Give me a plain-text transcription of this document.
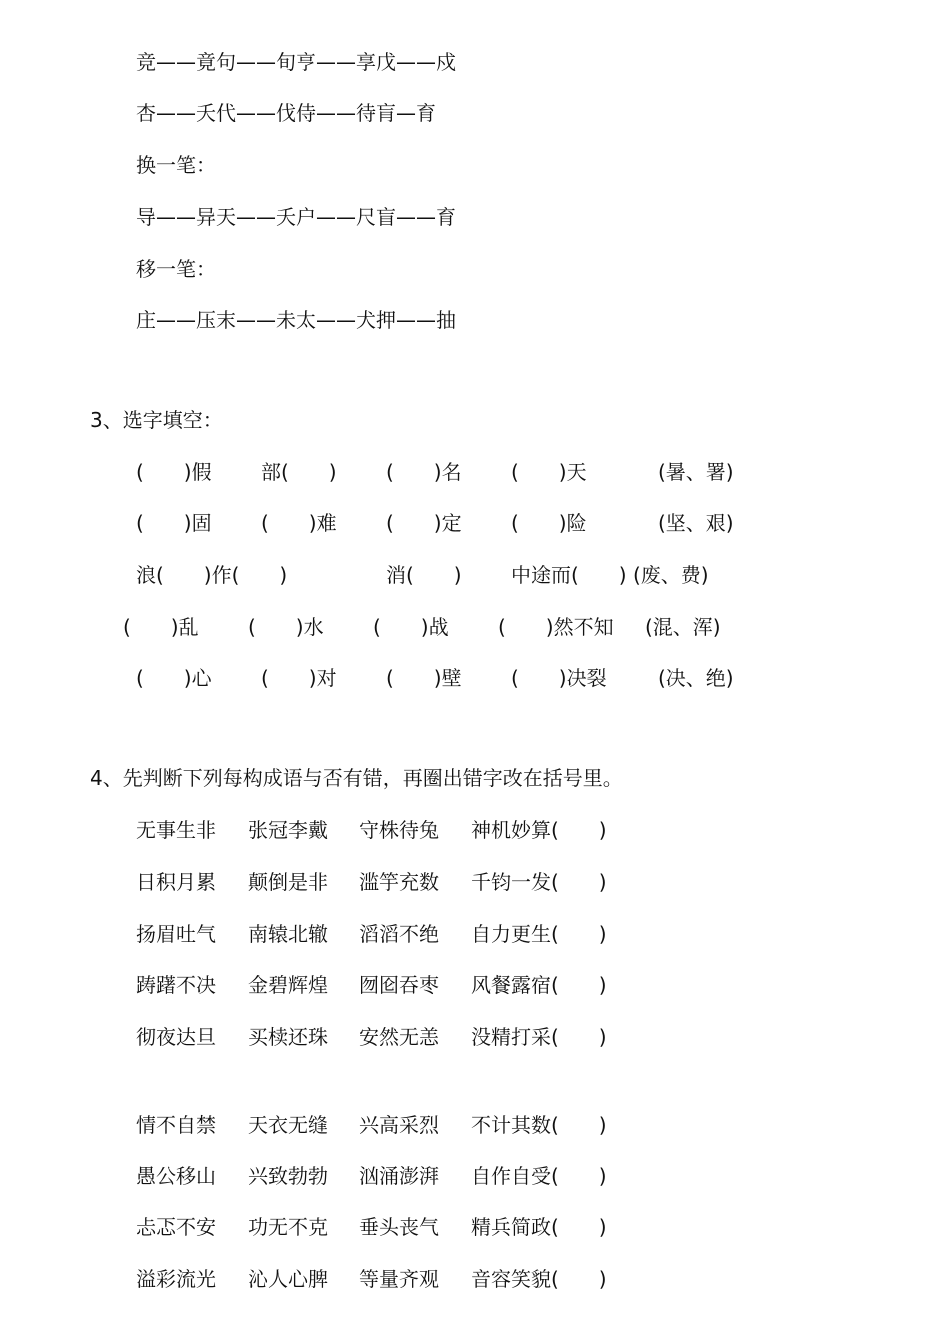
竞——竟句——旬亨——享戊——戍
杏——夭代——伐侍——待肓—育
换一笔：
导——异天——夭户——尺盲——育
移一笔：
庄——压末——未太——犬押——抽
3、选字填空：
(　　)假 部(　　) (　　)名 (　　)天	(暑、署)
(　　)固 (　　)难 (　　)定 (　　)险	(坚、艰)
浪(　　)作(　　)	消(　　) 中途而(　　) (废、费)
(　　)乱 (　　)水 (　　)战 (　　)然不知 (混、浑)
(　　)心 (　　)对 (　　)壁 (　　)决裂	(决、绝)
4、先判断下列每构成语与否有错，再圈出错字改在括号里。
无事生非 张冠李戴 守株待兔 神机妙算(　　)
日积月累 颠倒是非 滥竽充数 千钧一发(　　)
扬眉吐气 南辕北辙 滔滔不绝 自力更生(　　)
踌躇不决 金碧辉煌 囫囵吞枣 风餐露宿(　　)
彻夜达旦 买椟还珠 安然无恙 没精打采(　　)
情不自禁 天衣无缝 兴高采烈 不计其数(　　)
愚公移山 兴致勃勃 汹涌澎湃 自作自受(　　)
忐忑不安 功无不克 垂头丧气 精兵简政(　　)
溢彩流光 沁人心脾 等量齐观 音容笑貌(　　)
